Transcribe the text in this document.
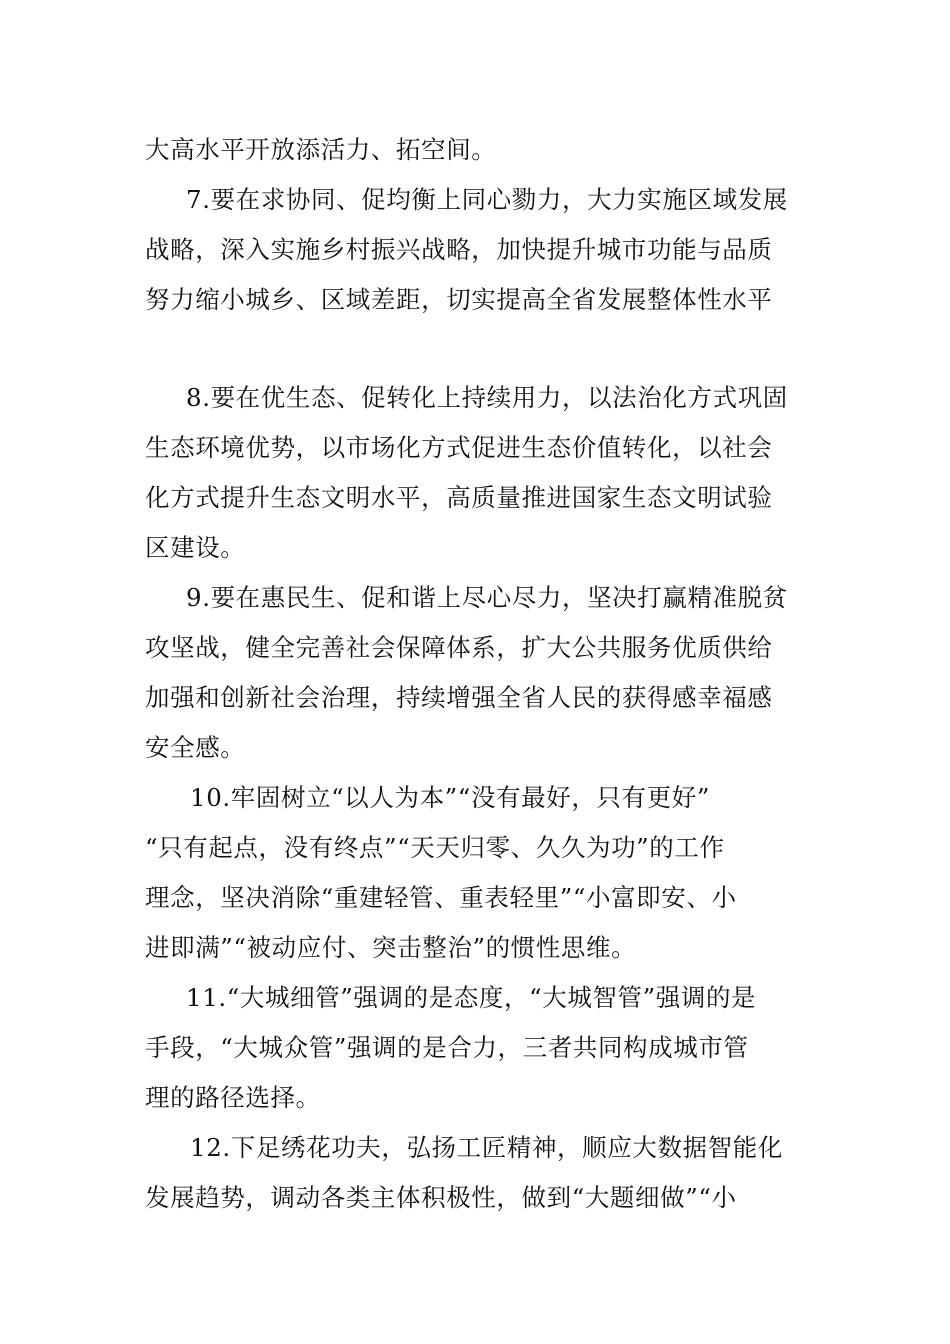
大高水平开放添活力、拓空间。
7.要在求协同、促均衡上同心勠力，大力实施区域发展
战略，深入实施乡村振兴战略，加快提升城市功能与品质
努力缩小城乡、区域差距，切实提高全省发展整体性水平
8.要在优生态、促转化上持续用力，以法治化方式巩固
生态环境优势，以市场化方式促进生态价值转化，以社会
化方式提升生态文明水平，高质量推进国家生态文明试验
区建设。
9.要在惠民生、促和谐上尽心尽力，坚决打赢精准脱贫
攻坚战，健全完善社会保障体系，扩大公共服务优质供给
加强和创新社会治理，持续增强全省人民的获得感幸福感
安全感。
10.牢固树立“以人为本”“没有最好，只有更好”
“只有起点，没有终点”“天天归零、久久为功”的工作
理念，坚决消除“重建轻管、重表轻里”“小富即安、小
进即满”“被动应付、突击整治”的惯性思维。
11.“大城细管”强调的是态度，“大城智管”强调的是
手段，“大城众管”强调的是合力，三者共同构成城市管
理的路径选择。
12.下足绣花功夫，弘扬工匠精神，顺应大数据智能化
发展趋势，调动各类主体积极性，做到“大题细做”“小
